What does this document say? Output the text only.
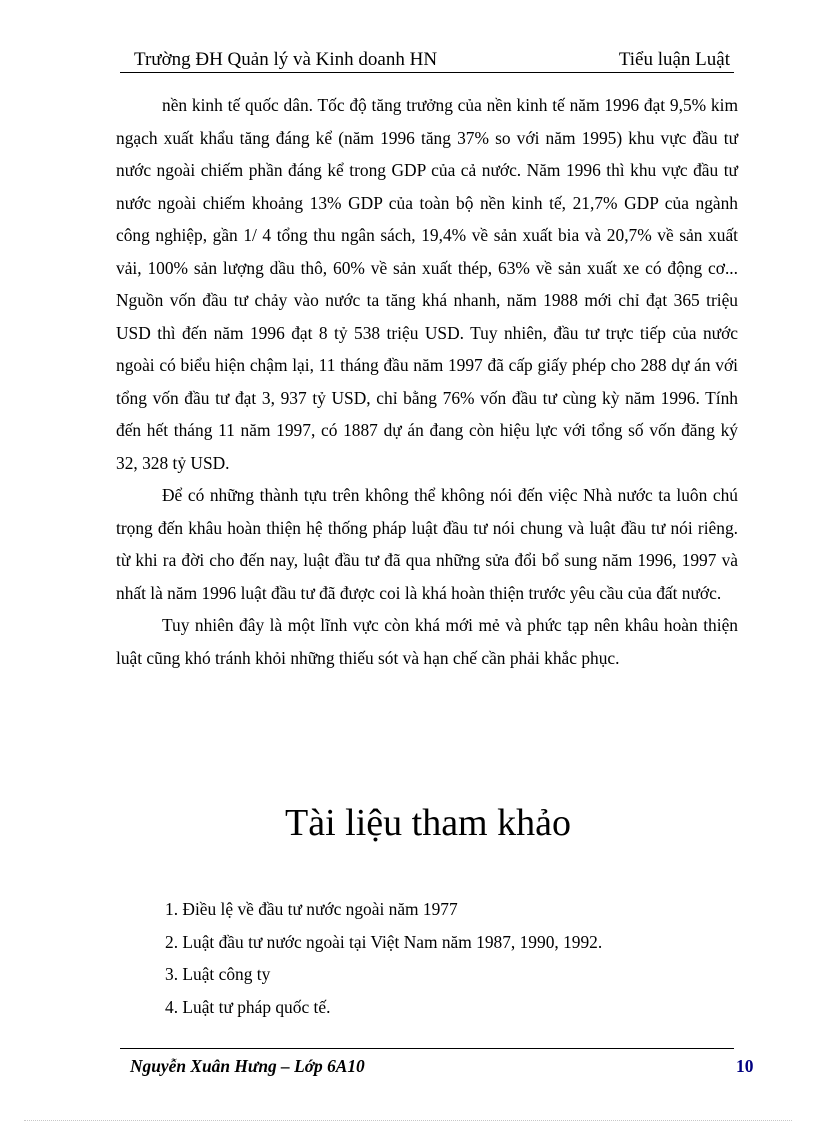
Trường ĐH Quản lý và Kinh doanh HN	Tiểu luận Luật

nền kinh tế quốc dân. Tốc độ tăng trưởng của nền kinh tế năm 1996 đạt 9,5% kim ngạch xuất khẩu tăng đáng kể (năm 1996 tăng 37% so với năm 1995) khu vực đầu tư nước ngoài chiếm phần đáng kể trong GDP của cả nước. Năm 1996 thì khu vực đầu tư nước ngoài chiếm khoảng 13% GDP của toàn bộ nền kinh tế, 21,7% GDP của ngành công nghiệp, gần 1/ 4 tổng thu ngân sách, 19,4% về sản xuất bia và 20,7% về sản xuất vải, 100% sản lượng dầu thô, 60% về sản xuất thép, 63% về sản xuất xe có động cơ... Nguồn vốn đầu tư chảy vào nước ta tăng khá nhanh, năm 1988 mới chỉ đạt 365 triệu USD thì đến năm 1996 đạt 8 tỷ 538 triệu USD. Tuy nhiên, đầu tư trực tiếp của nước ngoài có biểu hiện chậm lại, 11 tháng đầu năm 1997 đã cấp giấy phép cho 288 dự án với tổng vốn đầu tư đạt 3, 937 tỷ USD, chỉ bằng 76% vốn đầu tư cùng kỳ năm 1996. Tính đến hết tháng 11 năm 1997, có 1887 dự án đang còn hiệu lực với tổng số vốn đăng ký 32, 328 tỷ USD.

Để có những thành tựu trên không thể không nói đến việc Nhà nước ta luôn chú trọng đến khâu hoàn thiện hệ thống pháp luật đầu tư nói chung và luật đầu tư nói riêng. từ khi ra đời cho đến nay, luật đầu tư đã qua những sửa đổi bổ sung năm 1996, 1997 và nhất là năm 1996 luật đầu tư đã được coi là khá hoàn thiện trước yêu cầu của đất nước.

Tuy nhiên đây là một lĩnh vực còn khá mới mẻ và phức tạp nên khâu hoàn thiện luật cũng khó tránh khỏi những thiếu sót và hạn chế cần phải khắc phục.

Tài liệu tham khảo
1. Điều lệ về đầu tư nước ngoài năm 1977
2. Luật đầu tư nước ngoài tại Việt Nam năm 1987, 1990, 1992.
3. Luật công ty
4. Luật tư pháp quốc tế.
Nguyễn Xuân Hưng – Lớp 6A10	10
